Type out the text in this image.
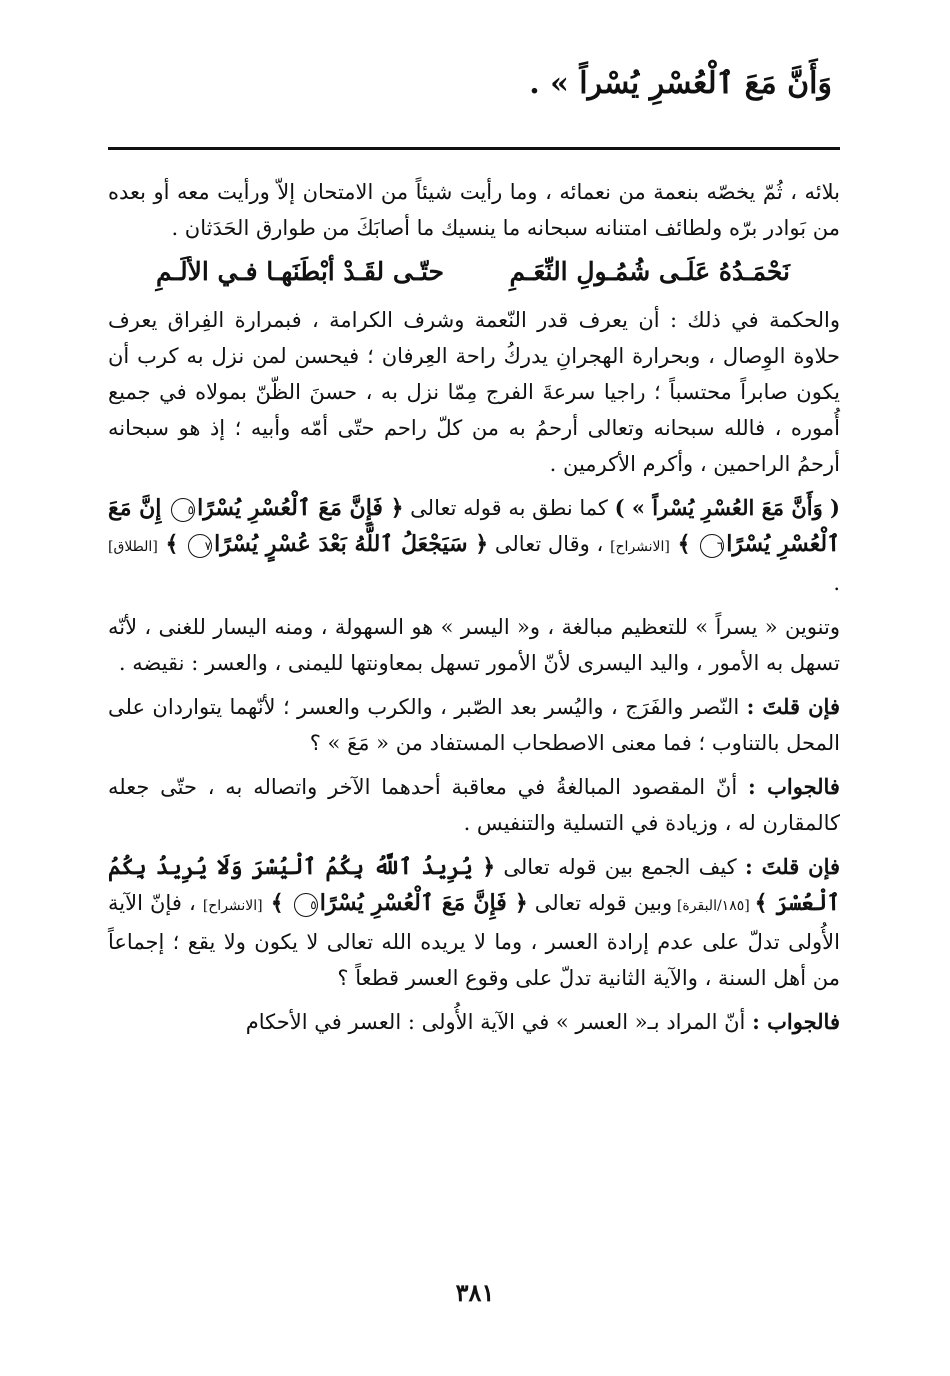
وَأَنَّ مَعَ ٱلْعُسْرِ يُسْراً » .

بلائه ، ثُمّ يخصّه بنعمة من نعمائه ، وما رأيت شيئاً من الامتحان إلاّ ورأيت معه أو بعده من بَوادر برّه ولطائف امتنانه سبحانه ما ينسيك ما أصابَكَ من طوارق الحَدَثان .

نَحْمَـدُهُ عَلَـى شُمُـولِ النِّعَـمِ
حتّـى لقَـدْ أبْطَنَهـا فـي الألَـمِ

والحكمة في ذلك : أن يعرف قدر النّعمة وشرف الكرامة ، فبمرارة الفِراق يعرف حلاوة الوِصال ، وبحرارة الهجرانِ يدركُ راحة العِرفان ؛ فيحسن لمن نزل به كرب أن يكون صابراً محتسباً ؛ راجيا سرعةَ الفرج مِمّا نزل به ، حسنَ الظّنّ بمولاه في جميع أُموره ، فالله سبحانه وتعالى أرحمُ به من كلّ راحم حتّى أمّه وأبيه ؛ إذ هو سبحانه أرحمُ الراحمين ، وأكرم الأكرمين .

( وَأَنَّ مَعَ العُسْرِ يُسْراً » ) كما نطق به قوله تعالى ﴿ فَإِنَّ مَعَ ٱلْعُسْرِ يُسْرًا٥ إِنَّ مَعَ ٱلْعُسْرِ يُسْرًا٦ ﴾ [الانشراح] ، وقال تعالى ﴿ سَيَجْعَلُ ٱللَّهُ بَعْدَ عُسْرٍ يُسْرًا٧ ﴾ [الطلاق] .

وتنوين « يسراً » للتعظيم مبالغة ، و« اليسر » هو السهولة ، ومنه اليسار للغنى ، لأنّه تسهل به الأمور ، واليد اليسرى لأنّ الأمور تسهل بمعاونتها لليمنى ، والعسر : نقيضه .

فإن قلتَ : النّصر والفَرَج ، واليُسر بعد الصّبر ، والكرب والعسر ؛ لأنّهما يتواردان على المحل بالتناوب ؛ فما معنى الاصطحاب المستفاد من « مَعَ » ؟

فالجواب : أنّ المقصود المبالغةُ في معاقبة أحدهما الآخر واتصاله به ، حتّى جعله كالمقارن له ، وزيادة في التسلية والتنفيس .

فإن قلتَ : كيف الجمع بين قوله تعالى ﴿ يُرِيدُ ٱللَّهُ بِكُمُ ٱلْيُسْرَ وَلَا يُرِيدُ بِكُمُ ٱلْعُسْرَ ﴾ [١٨٥/البقرة] وبين قوله تعالى ﴿ فَإِنَّ مَعَ ٱلْعُسْرِ يُسْرًا٥ ﴾ [الانشراح] ، فإنّ الآية الأُولى تدلّ على عدم إرادة العسر ، وما لا يريده الله تعالى لا يكون ولا يقع ؛ إجماعاً من أهل السنة ، والآية الثانية تدلّ على وقوع العسر قطعاً ؟

فالجواب : أنّ المراد بـ« العسر » في الآية الأُولى : العسر في الأحكام

٣٨١
